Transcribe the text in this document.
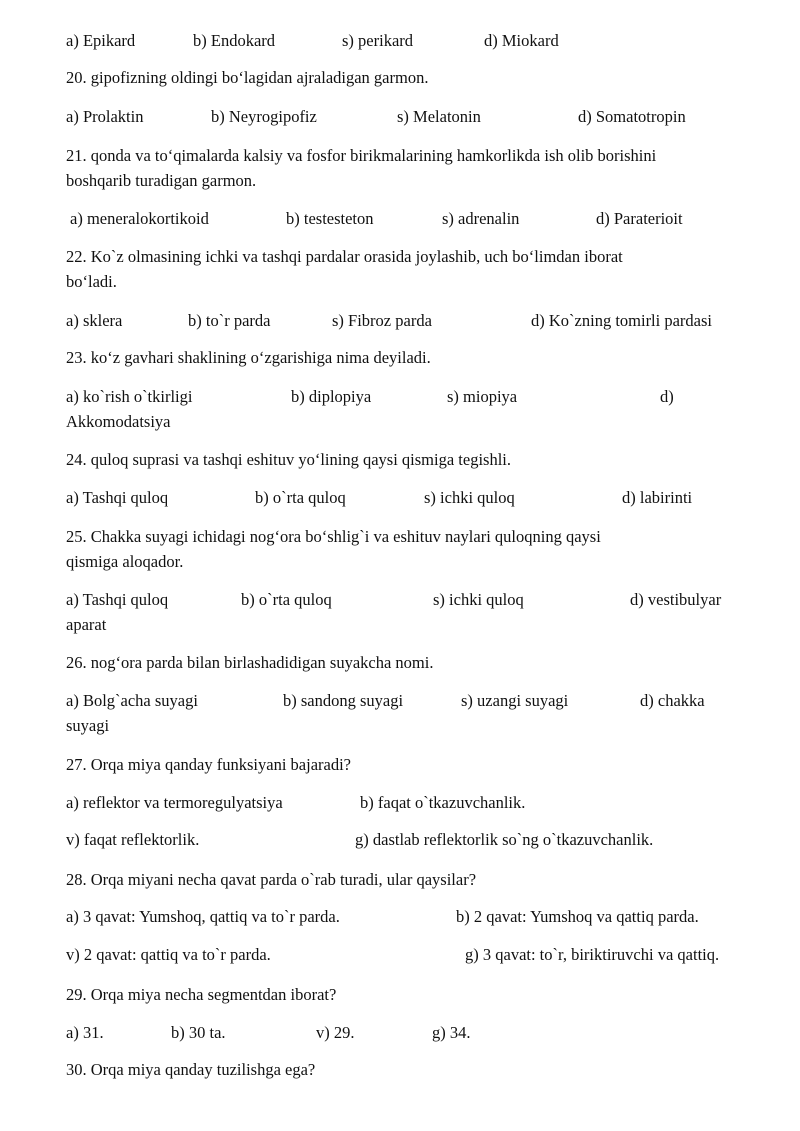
a) Epikard	b) Endokard	s) perikard	d) Miokard

20. gipofizning oldingi bo‘lagidan ajraladigan garmon.

a) Prolaktin	b) Neyrogipofiz	s) Melatonin	d) Somatotropin

21. qonda va to‘qimalarda kalsiy va fosfor birikmalarining hamkorlikda ish olib borishini

boshqarib turadigan garmon.

a) meneralokortikoid	b) testesteton	s) adrenalin	d) Paraterioit

22. Ko`z olmasining ichki va tashqi pardalar orasida joylashib, uch bo‘limdan iborat

bo‘ladi.

a) sklera	b) to`r parda	s) Fibroz parda	d) Ko`zning tomirli pardasi

23. ko‘z gavhari shaklining o‘zgarishiga nima deyiladi.

a) ko`rish o`tkirligi	b) diplopiya	s) miopiya	d)
Akkomodatsiya

24. quloq suprasi va tashqi eshituv yo‘lining qaysi qismiga tegishli.

a) Tashqi quloq	b) o`rta quloq	s) ichki quloq	d) labirinti

25. Chakka suyagi ichidagi nog‘ora bo‘shlig`i va eshituv naylari quloqning qaysi

qismiga aloqador.

a) Tashqi quloq	b) o`rta quloq	s) ichki quloq	d) vestibulyar
aparat

26. nog‘ora parda bilan birlashadidigan suyakcha nomi.

a) Bolg`acha suyagi	b) sandong suyagi	s) uzangi suyagi	d) chakka
suyagi

27. Orqa miya qanday funksiyani bajaradi?

a) reflektor va termoregulyatsiya	b) faqat o`tkazuvchanlik.
v) faqat reflektorlik.	g) dastlab reflektorlik so`ng o`tkazuvchanlik.

28. Orqa miyani necha qavat parda o`rab turadi, ular qaysilar?

a) 3 qavat: Yumshoq, qattiq va to`r parda.	b) 2 qavat: Yumshoq va qattiq parda.
v) 2 qavat: qattiq va to`r parda.	g) 3 qavat: to`r, biriktiruvchi va qattiq.

29. Orqa miya necha segmentdan iborat?

a) 31.	b) 30 ta.	v) 29.	g) 34.

30. Orqa miya qanday tuzilishga ega?
